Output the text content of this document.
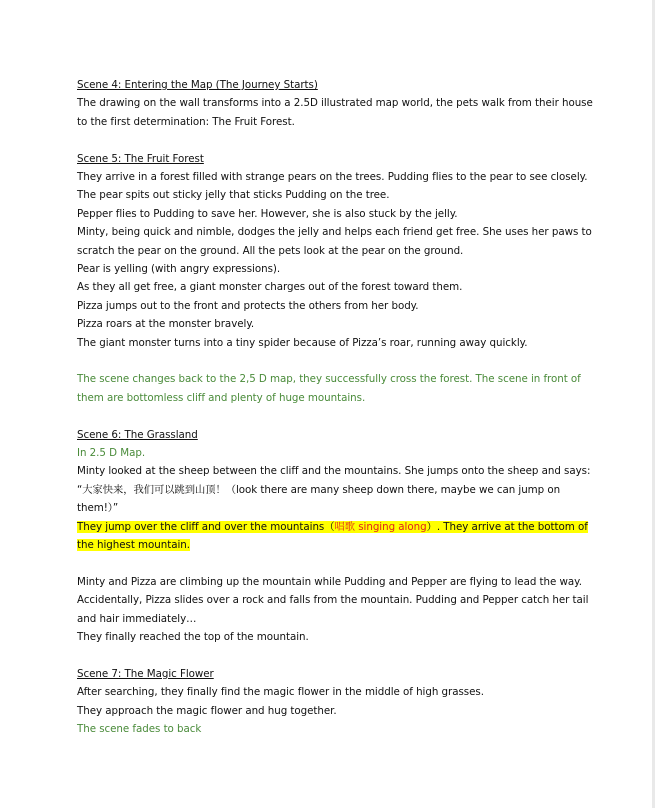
Scene 4: Entering the Map (The Journey Starts)

The drawing on the wall transforms into a 2.5D illustrated map world, the pets walk from their house

to the first determination: The Fruit Forest.

Scene 5: The Fruit Forest

They arrive in a forest filled with strange pears on the trees. Pudding flies to the pear to see closely.

The pear spits out sticky jelly that sticks Pudding on the tree.

Pepper flies to Pudding to save her. However, she is also stuck by the jelly.

Minty, being quick and nimble, dodges the jelly and helps each friend get free. She uses her paws to

scratch the pear on the ground. All the pets look at the pear on the ground.

Pear is yelling (with angry expressions).

As they all get free, a giant monster charges out of the forest toward them.

Pizza jumps out to the front and protects the others from her body.

Pizza roars at the monster bravely.

The giant monster turns into a tiny spider because of Pizza’s roar, running away quickly.

The scene changes back to the 2,5 D map, they successfully cross the forest. The scene in front of

them are bottomless cliff and plenty of huge mountains.

Scene 6: The Grassland

In 2.5 D Map.

Minty looked at the sheep between the cliff and the mountains. She jumps onto the sheep and says:

“大家快来，我们可以跳到山顶！（look there are many sheep down there, maybe we can jump on

them!）”

They jump over the cliff and over the mountains（唱歌 singing along）. They arrive at the bottom of

the highest mountain.

Minty and Pizza are climbing up the mountain while Pudding and Pepper are flying to lead the way.

Accidentally, Pizza slides over a rock and falls from the mountain. Pudding and Pepper catch her tail

and hair immediately…

They finally reached the top of the mountain.

Scene 7: The Magic Flower

After searching, they finally find the magic flower in the middle of high grasses.

They approach the magic flower and hug together.

The scene fades to back
